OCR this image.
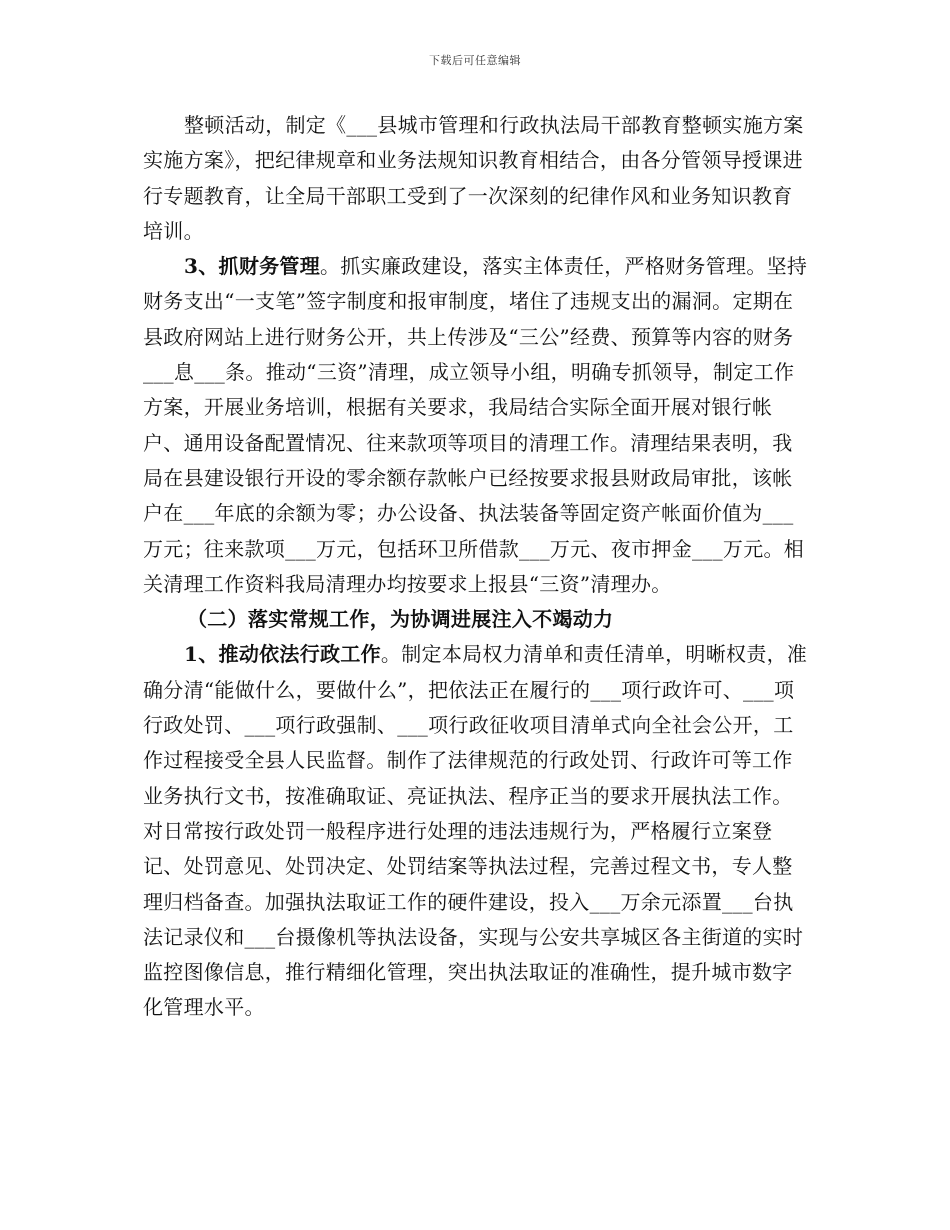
下载后可任意编辑

整顿活动，制定《___县城市管理和行政执法局干部教育整顿实施方案实施方案》，把纪律规章和业务法规知识教育相结合，由各分管领导授课进行专题教育，让全局干部职工受到了一次深刻的纪律作风和业务知识教育培训。

3、抓财务管理。抓实廉政建设，落实主体责任，严格财务管理。坚持财务支出“一支笔”签字制度和报审制度，堵住了违规支出的漏洞。定期在县政府网站上进行财务公开，共上传涉及“三公”经费、预算等内容的财务___息___条。推动“三资”清理，成立领导小组，明确专抓领导，制定工作方案，开展业务培训，根据有关要求，我局结合实际全面开展对银行帐户、通用设备配置情况、往来款项等项目的清理工作。清理结果表明，我局在县建设银行开设的零余额存款帐户已经按要求报县财政局审批，该帐户在___年底的余额为零；办公设备、执法装备等固定资产帐面价值为___万元；往来款项___万元，包括环卫所借款___万元、夜市押金___万元。相关清理工作资料我局清理办均按要求上报县“三资”清理办。

（二）落实常规工作，为协调进展注入不竭动力

1、推动依法行政工作。制定本局权力清单和责任清单，明晰权责，准确分清“能做什么，要做什么”，把依法正在履行的___项行政许可、___项行政处罚、___项行政强制、___项行政征收项目清单式向全社会公开，工作过程接受全县人民监督。制作了法律规范的行政处罚、行政许可等工作业务执行文书，按准确取证、亮证执法、程序正当的要求开展执法工作。对日常按行政处罚一般程序进行处理的违法违规行为，严格履行立案登记、处罚意见、处罚决定、处罚结案等执法过程，完善过程文书，专人整理归档备查。加强执法取证工作的硬件建设，投入___万余元添置___台执法记录仪和___台摄像机等执法设备，实现与公安共享城区各主街道的实时监控图像信息，推行精细化管理，突出执法取证的准确性，提升城市数字化管理水平。
